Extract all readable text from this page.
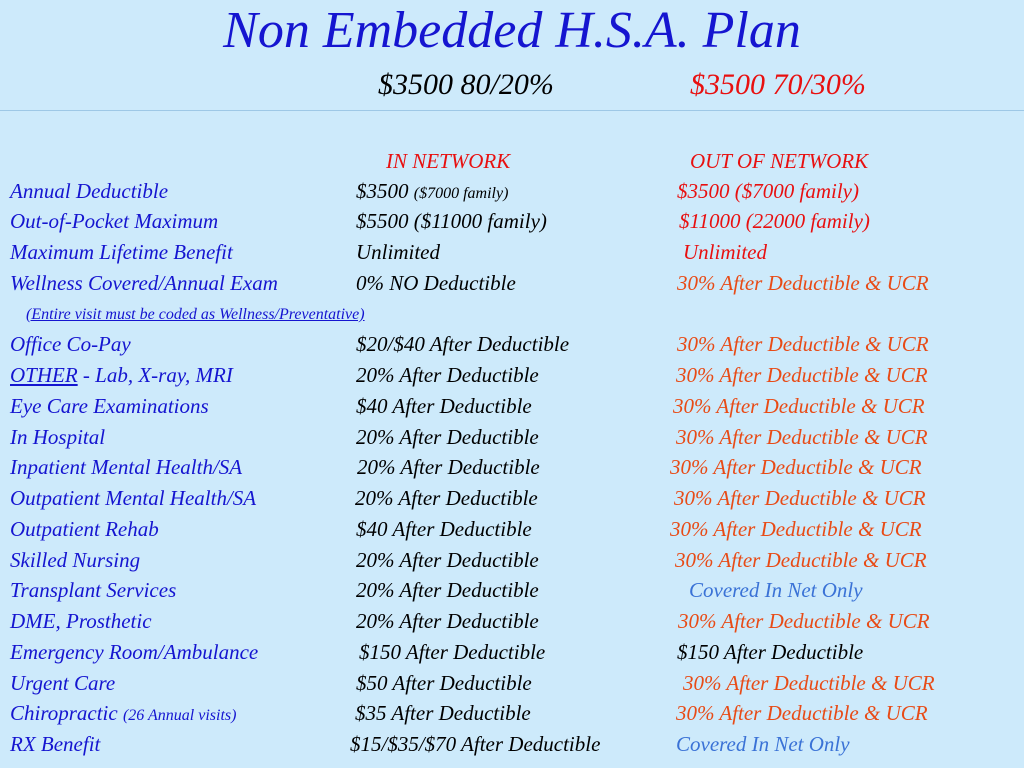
Non Embedded H.S.A. Plan
$3500 80/20%	$3500 70/30%
IN NETWORK	OUT OF NETWORK
Annual Deductible	$3500 ($7000 family)	$3500 ($7000 family)
Out-of-Pocket Maximum	$5500 ($11000 family)	$11000 (22000 family)
Maximum Lifetime Benefit	Unlimited	Unlimited
Wellness Covered/Annual Exam	0% NO Deductible	30% After Deductible & UCR
(Entire visit must be coded as Wellness/Preventative)
Office Co-Pay	$20/$40 After Deductible	30% After Deductible & UCR
OTHER - Lab, X-ray, MRI	20% After Deductible	30% After Deductible & UCR
Eye Care Examinations	$40 After Deductible	30% After Deductible & UCR
In Hospital	20% After Deductible	30% After Deductible & UCR
Inpatient Mental Health/SA	20% After Deductible	30% After Deductible & UCR
Outpatient Mental Health/SA	20% After Deductible	30% After Deductible & UCR
Outpatient Rehab	$40 After Deductible	30% After Deductible & UCR
Skilled Nursing	20% After Deductible	30% After Deductible & UCR
Transplant Services	20% After Deductible	Covered In Net Only
DME, Prosthetic	20% After Deductible	30% After Deductible & UCR
Emergency Room/Ambulance	$150 After Deductible	$150 After Deductible
Urgent Care	$50 After Deductible	30% After Deductible & UCR
Chiropractic (26 Annual visits)	$35 After Deductible	30% After Deductible & UCR
RX Benefit	$15/$35/$70 After Deductible	Covered In Net Only
